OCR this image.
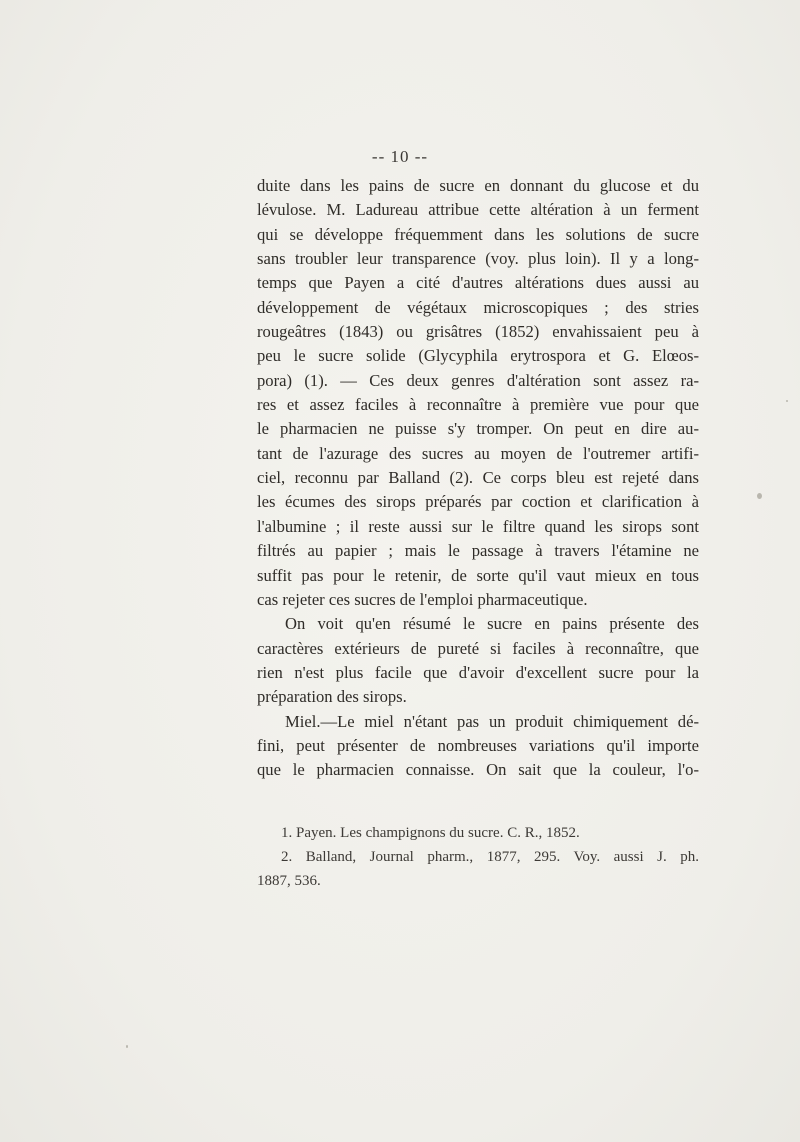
-- 10 --
duite dans les pains de sucre en donnant du glucose et du
lévulose. M. Ladureau attribue cette altération à un ferment
qui se développe fréquemment dans les solutions de sucre
sans troubler leur transparence (voy. plus loin). Il y a long-
temps que Payen a cité d'autres altérations dues aussi au
développement de végétaux microscopiques ; des stries
rougeâtres (1843) ou grisâtres (1852) envahissaient peu à
peu le sucre solide (Glycyphila erytrospora et G. Elœos-
pora) (1). — Ces deux genres d'altération sont assez ra-
res et assez faciles à reconnaître à première vue pour que
le pharmacien ne puisse s'y tromper. On peut en dire au-
tant de l'azurage des sucres au moyen de l'outremer artifi-
ciel, reconnu par Balland (2). Ce corps bleu est rejeté dans
les écumes des sirops préparés par coction et clarification à
l'albumine ; il reste aussi sur le filtre quand les sirops sont
filtrés au papier ; mais le passage à travers l'étamine ne
suffit pas pour le retenir, de sorte qu'il vaut mieux en tous
cas rejeter ces sucres de l'emploi pharmaceutique.
On voit qu'en résumé le sucre en pains présente des
caractères extérieurs de pureté si faciles à reconnaître, que
rien n'est plus facile que d'avoir d'excellent sucre pour la
préparation des sirops.
Miel.—Le miel n'étant pas un produit chimiquement dé-
fini, peut présenter de nombreuses variations qu'il importe
que le pharmacien connaisse. On sait que la couleur, l'o-
1. Payen. Les champignons du sucre. C. R., 1852.
2. Balland, Journal pharm., 1877, 295. Voy. aussi J. ph.
1887, 536.
